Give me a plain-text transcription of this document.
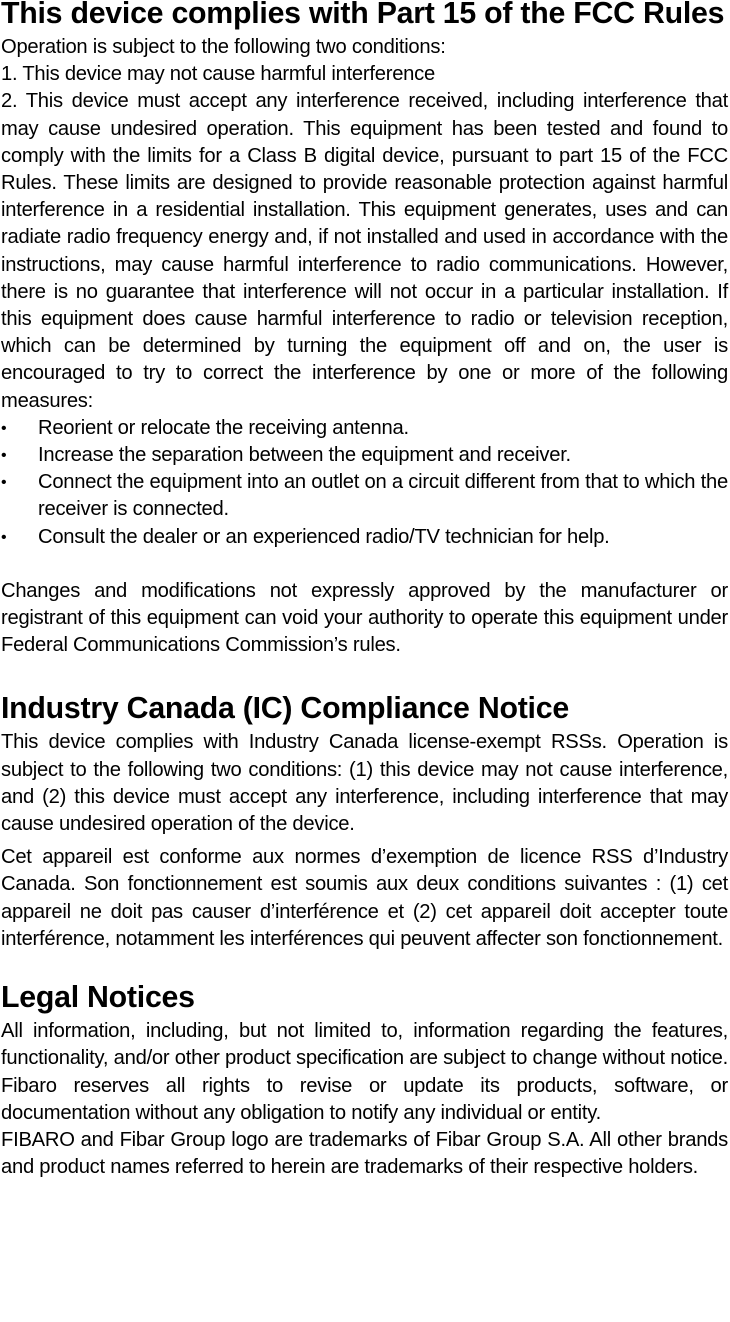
This device complies with Part 15 of the FCC Rules

Operation is subject to the following two conditions:

1. This device may not cause harmful interference

2. This device must accept any interference received, including interference that may cause undesired operation. This equipment has been tested and found to comply with the limits for a Class B digital device, pursuant to part 15 of the FCC Rules. These limits are designed to provide reasonable protection against harmful interference in a residential installation. This equipment generates, uses and can radiate radio frequency energy and, if not installed and used in accordance with the instructions, may cause harmful interference to radio communications. However, there is no guarantee that interference will not occur in a particular installation. If this equipment does cause harmful interference to radio or television reception, which can be determined by turning the equipment off and on, the user is encouraged to try to correct the interference by one or more of the following measures:

• Reorient or relocate the receiving antenna.
• Increase the separation between the equipment and receiver.
• Connect the equipment into an outlet on a circuit different from that to which the receiver is connected.
• Consult the dealer or an experienced radio/TV technician for help.

Changes and modifications not expressly approved by the manufacturer or registrant of this equipment can void your authority to operate this equipment under Federal Communications Commission’s rules.

Industry Canada (IC) Compliance Notice

This device complies with Industry Canada license-exempt RSSs. Operation is subject to the following two conditions: (1) this device may not cause interference, and (2) this device must accept any interference, including interference that may cause undesired operation of the device.

Cet appareil est conforme aux normes d’exemption de licence RSS d’Industry Canada. Son fonctionnement est soumis aux deux conditions suivantes : (1) cet appareil ne doit pas causer d’interférence et (2) cet appareil doit accepter toute interférence, notamment les interférences qui peuvent affecter son fonctionnement.

Legal Notices

All information, including, but not limited to, information regarding the features, functionality, and/or other product specification are subject to change without notice. Fibaro reserves all rights to revise or update its products, software, or documentation without any obligation to notify any individual or entity.

FIBARO and Fibar Group logo are trademarks of Fibar Group S.A. All other brands and product names referred to herein are trademarks of their respective holders.
